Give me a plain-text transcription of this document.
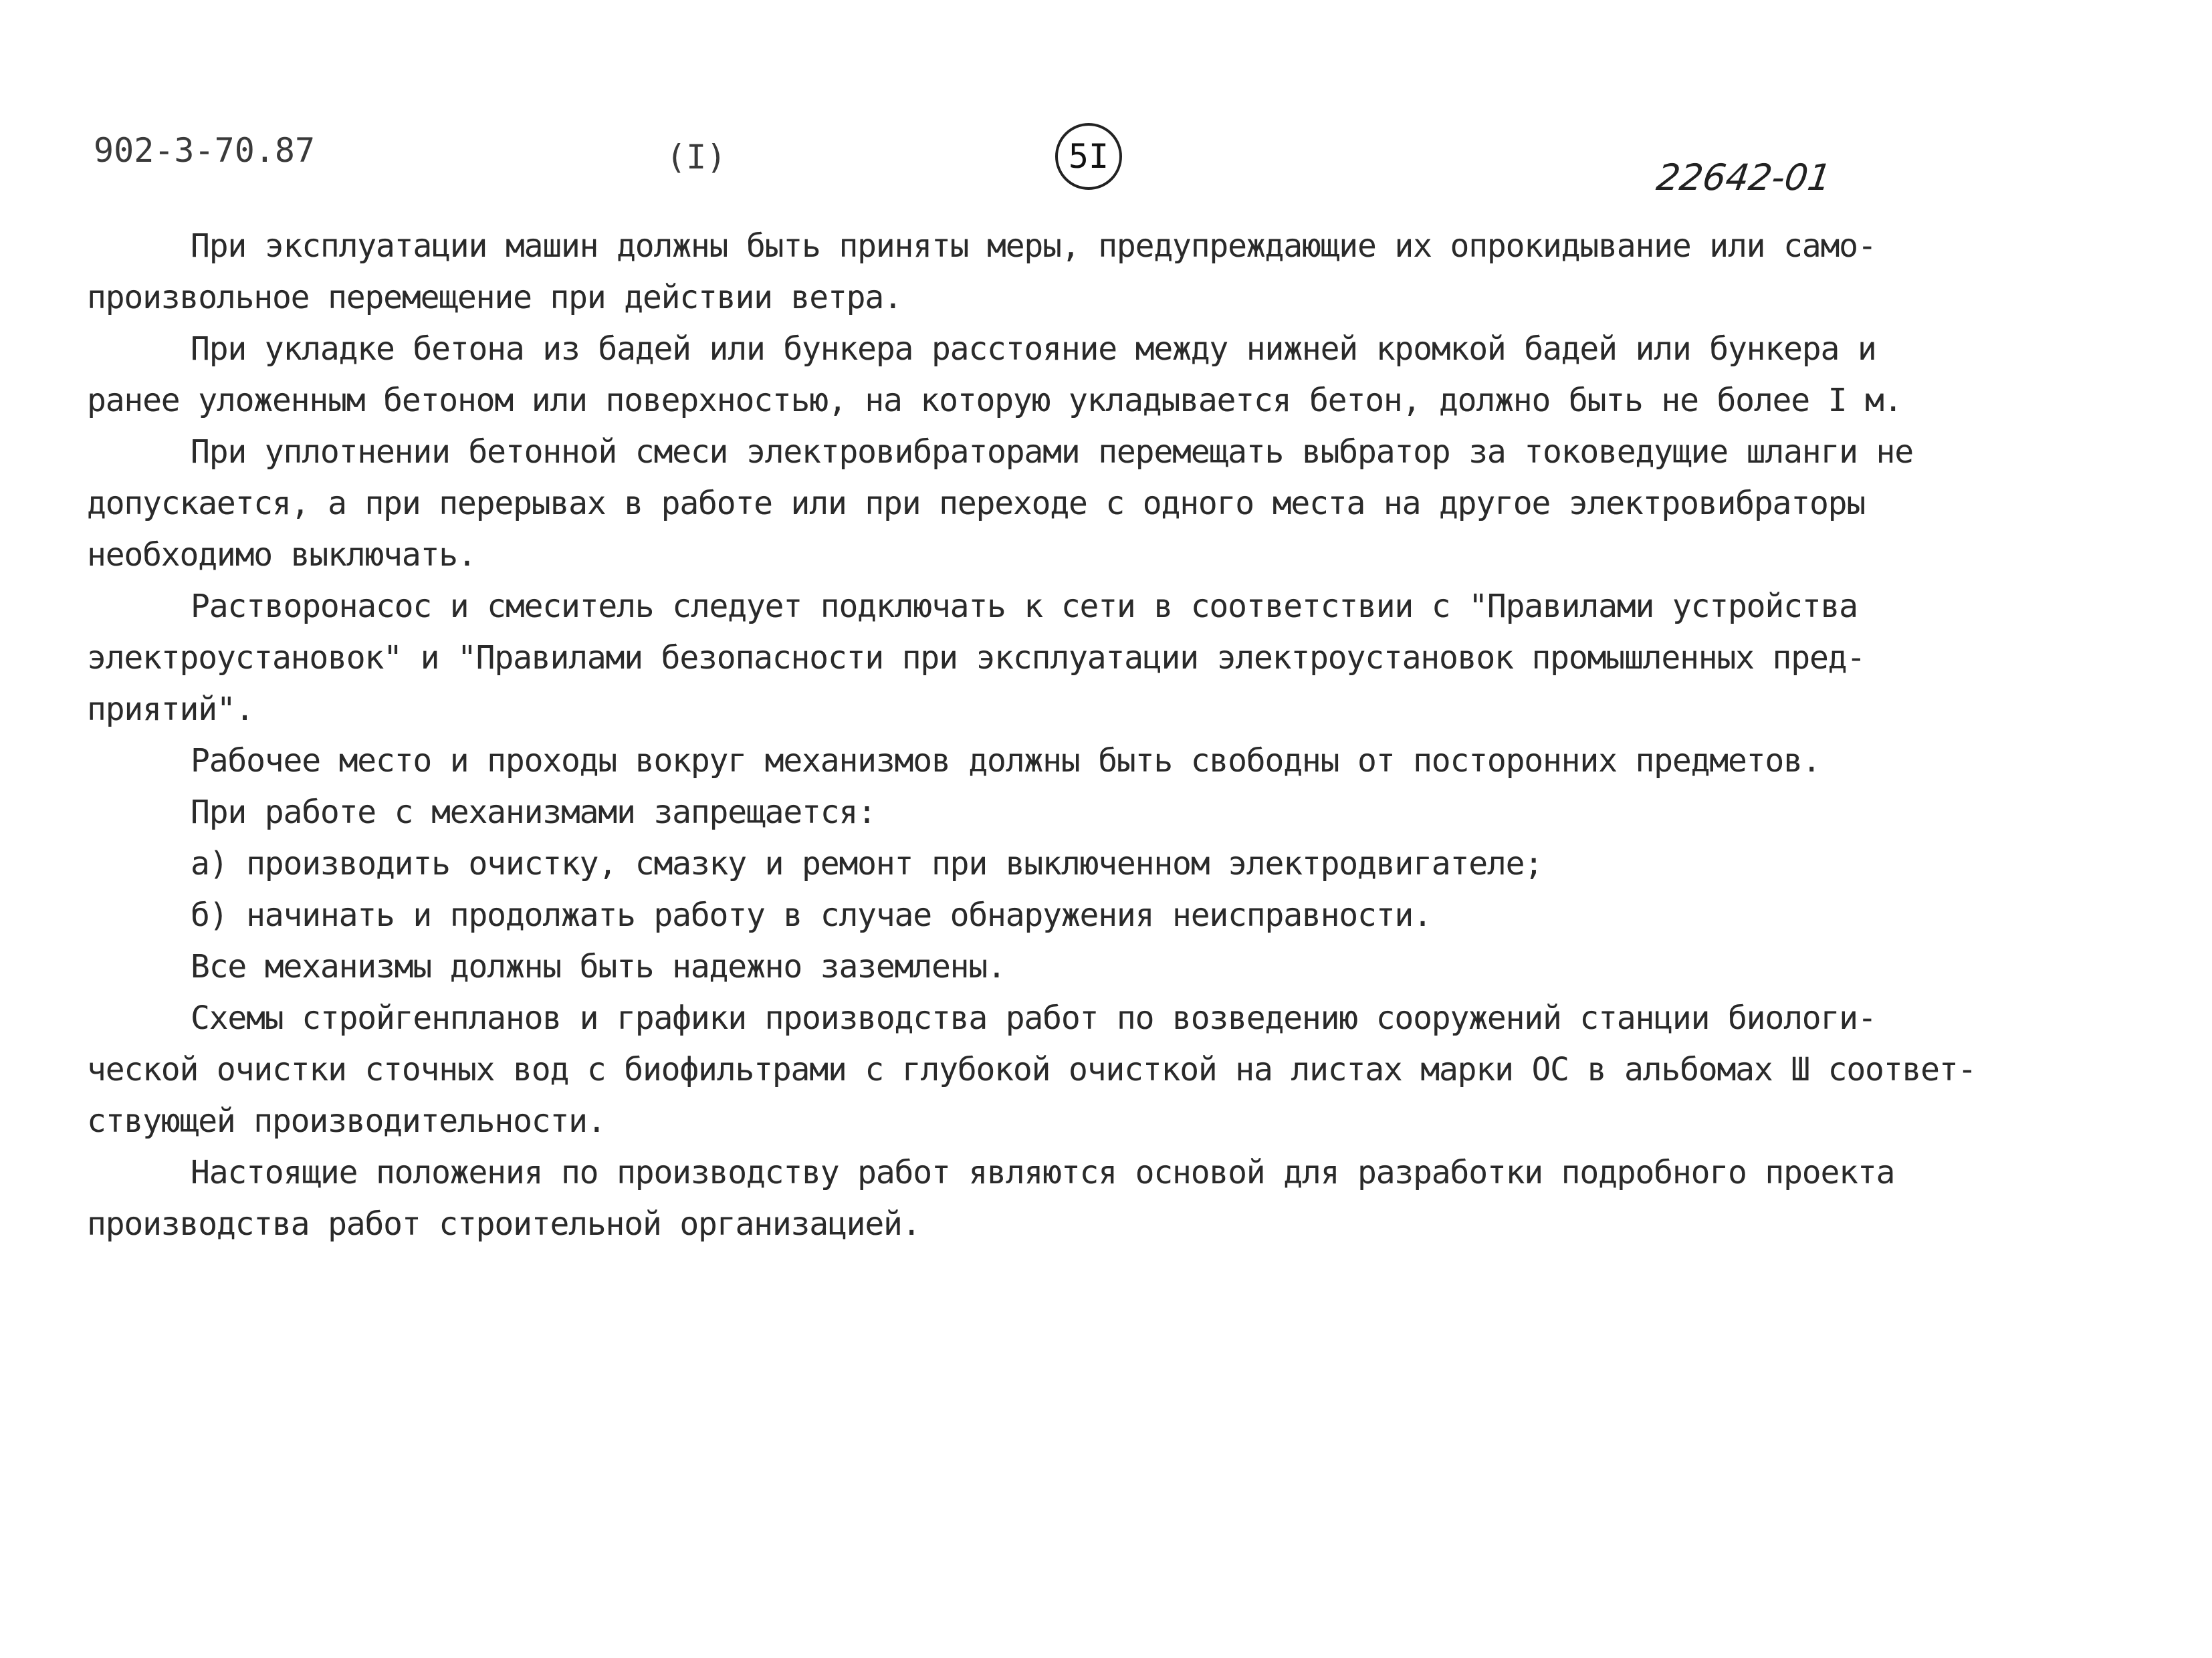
902-3-70.87	(I)	5I	22642-01
При эксплуатации машин должны быть приняты меры, предупреждающие их опрокидывание или само-
произвольное перемещение при действии ветра.
При укладке бетона из бадей или бункера расстояние между нижней кромкой бадей или бункера и
ранее уложенным бетоном или поверхностью, на которую укладывается бетон, должно быть не более I м.
При уплотнении бетонной смеси электровибраторами перемещать выбратор за токоведущие шланги не
допускается, а при перерывах в работе или при переходе с одного места на другое электровибраторы
необходимо выключать.
Растворонасос и смеситель следует подключать к сети в соответствии с "Правилами устройства
электроустановок" и "Правилами безопасности при эксплуатации электроустановок промышленных пред-
приятий".
Рабочее место и проходы вокруг механизмов должны быть свободны от посторонних предметов.
При работе с механизмами запрещается:
а) производить очистку, смазку и ремонт при выключенном электродвигателе;
б) начинать и продолжать работу в случае обнаружения неисправности.
Все механизмы должны быть надежно заземлены.
Схемы стройгенпланов и графики производства работ по возведению сооружений станции биологи-
ческой очистки сточных вод с биофильтрами с глубокой очисткой на листах марки ОС в альбомах Ш соответ-
ствующей производительности.
Настоящие положения по производству работ являются основой для разработки подробного проекта
производства работ строительной организацией.
